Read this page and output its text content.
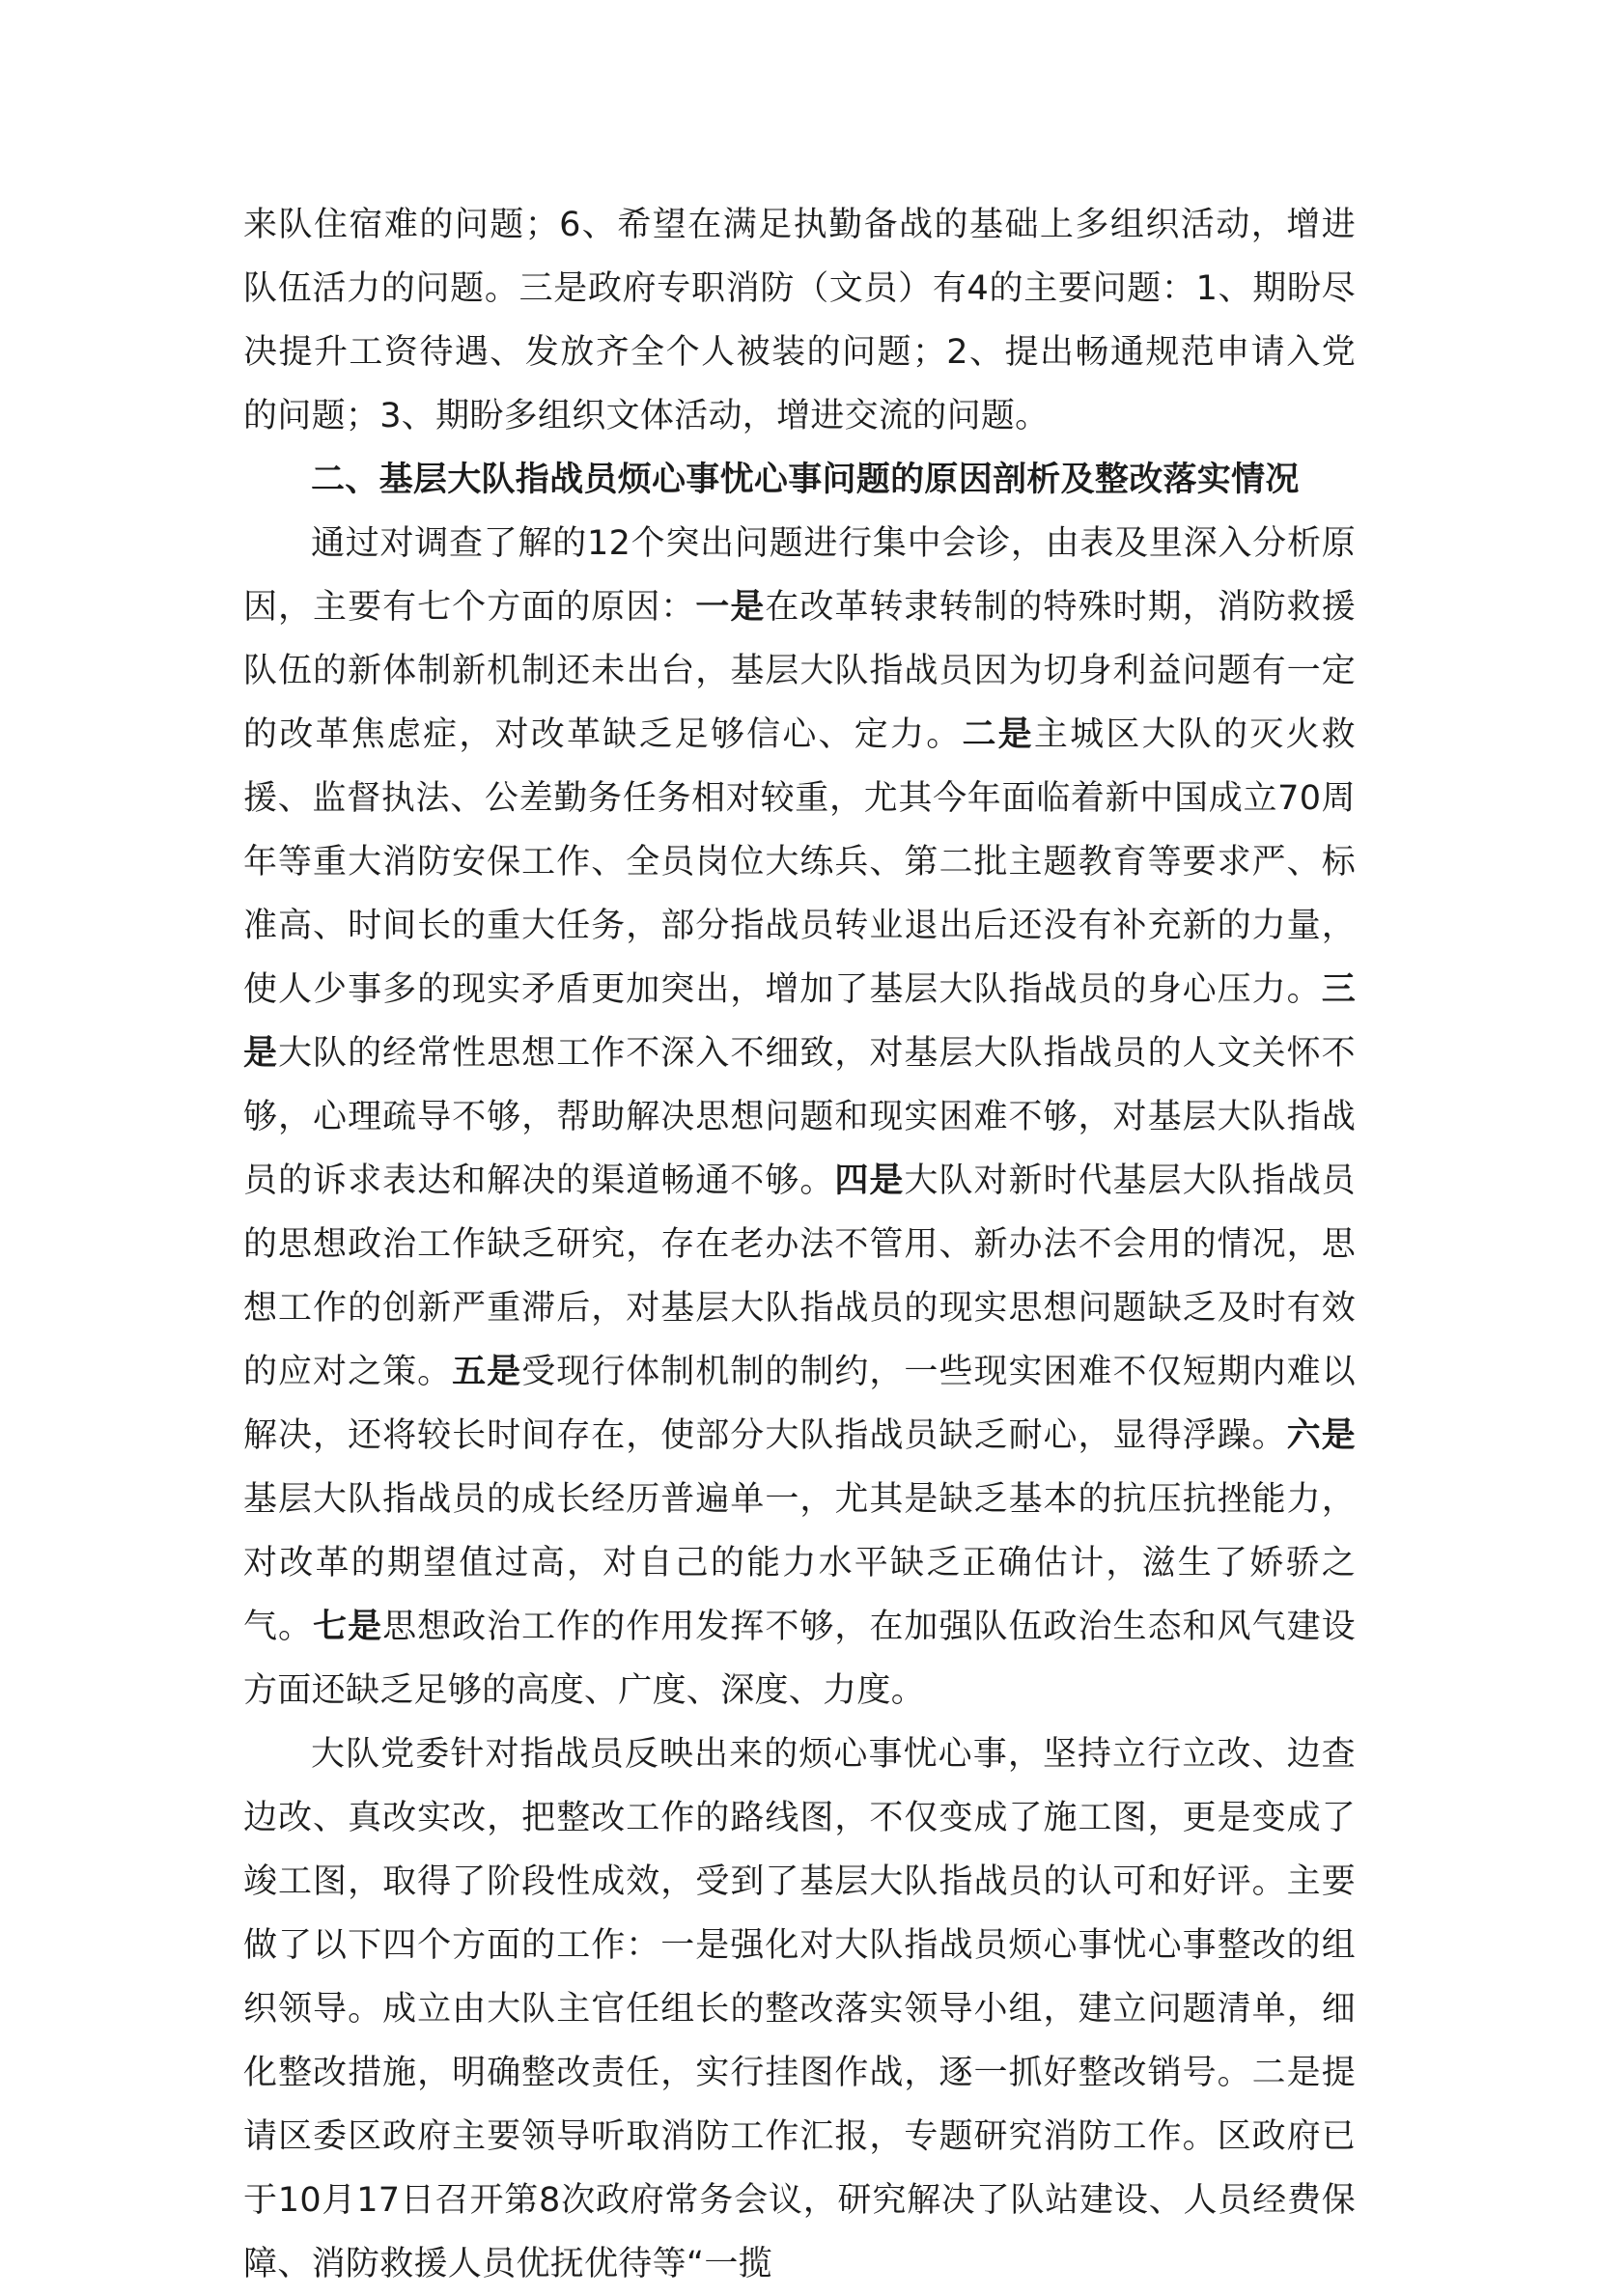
来队住宿难的问题；6、希望在满足执勤备战的基础上多组织活动，增进队伍活力的问题。三是政府专职消防（文员）有4的主要问题：1、期盼尽决提升工资待遇、发放齐全个人被装的问题；2、提出畅通规范申请入党的问题；3、期盼多组织文体活动，增进交流的问题。

二、基层大队指战员烦心事忧心事问题的原因剖析及整改落实情况

通过对调查了解的12个突出问题进行集中会诊，由表及里深入分析原因，主要有七个方面的原因：一是在改革转隶转制的特殊时期，消防救援队伍的新体制新机制还未出台，基层大队指战员因为切身利益问题有一定的改革焦虑症，对改革缺乏足够信心、定力。二是主城区大队的灭火救援、监督执法、公差勤务任务相对较重，尤其今年面临着新中国成立70周年等重大消防安保工作、全员岗位大练兵、第二批主题教育等要求严、标准高、时间长的重大任务，部分指战员转业退出后还没有补充新的力量，使人少事多的现实矛盾更加突出，增加了基层大队指战员的身心压力。三是大队的经常性思想工作不深入不细致，对基层大队指战员的人文关怀不够，心理疏导不够，帮助解决思想问题和现实困难不够，对基层大队指战员的诉求表达和解决的渠道畅通不够。四是大队对新时代基层大队指战员的思想政治工作缺乏研究，存在老办法不管用、新办法不会用的情况，思想工作的创新严重滞后，对基层大队指战员的现实思想问题缺乏及时有效的应对之策。五是受现行体制机制的制约，一些现实困难不仅短期内难以解决，还将较长时间存在，使部分大队指战员缺乏耐心，显得浮躁。六是基层大队指战员的成长经历普遍单一，尤其是缺乏基本的抗压抗挫能力，对改革的期望值过高，对自己的能力水平缺乏正确估计，滋生了娇骄之气。七是思想政治工作的作用发挥不够，在加强队伍政治生态和风气建设方面还缺乏足够的高度、广度、深度、力度。

大队党委针对指战员反映出来的烦心事忧心事，坚持立行立改、边查边改、真改实改，把整改工作的路线图，不仅变成了施工图，更是变成了竣工图，取得了阶段性成效，受到了基层大队指战员的认可和好评。主要做了以下四个方面的工作：一是强化对大队指战员烦心事忧心事整改的组织领导。成立由大队主官任组长的整改落实领导小组，建立问题清单，细化整改措施，明确整改责任，实行挂图作战，逐一抓好整改销号。二是提请区委区政府主要领导听取消防工作汇报，专题研究消防工作。区政府已于10月17日召开第8次政府常务会议，研究解决了队站建设、人员经费保障、消防救援人员优抚优待等“一揽
